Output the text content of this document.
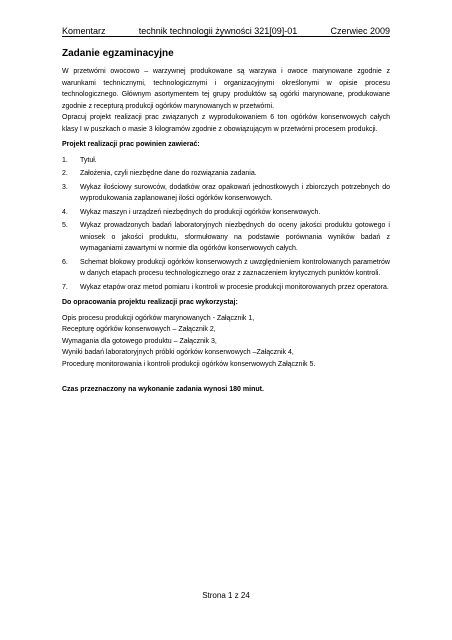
Komentarz	technik technologii żywności 321[09]-01	Czerwiec 2009
Zadanie egzaminacyjne

W przetwórni owocowo – warzywnej produkowane są warzywa i owoce marynowane zgodnie z warunkami technicznymi, technologicznymi i organizacyjnymi określonymi w opisie procesu technologicznego. Głównym asortymentem tej grupy produktów są ogórki marynowane, produkowane zgodnie z recepturą produkcji ogórków marynowanych w przetwórni.

Opracuj projekt realizacji prac związanych z wyprodukowaniem 6 ton ogórków konserwowych całych klasy I w puszkach o masie 3 kilogramów zgodnie z obowiązującym w przetwórni procesem produkcji.

Projekt realizacji prac powinien zawierać:
1.	Tytuł.
2.	Założenia, czyli niezbędne dane do rozwiązania zadania.
3.	Wykaz ilościowy surowców, dodatków oraz opakowań jednostkowych i zbiorczych potrzebnych do wyprodukowania zaplanowanej ilości ogórków konserwowych.
4.	Wykaz maszyn i urządzeń niezbędnych do produkcji ogórków konserwowych.
5.	Wykaz prowadzonych badań laboratoryjnych niezbędnych do oceny jakości produktu gotowego i wniosek o jakości produktu, sformułowany na podstawie porównania wyników badań z wymaganiami zawartymi w normie dla ogórków konserwowych całych.
6.	Schemat blokowy produkcji ogórków konserwowych z uwzględnieniem kontrolowanych parametrów w danych etapach procesu technologicznego oraz z zaznaczeniem krytycznych punktów kontroli.
7.	Wykaz etapów oraz metod pomiaru i kontroli w procesie produkcji monitorowanych przez operatora.
Do opracowania projektu realizacji prac wykorzystaj:
Opis procesu produkcji ogórków marynowanych - Załącznik 1,
Recepturę ogórków konserwowych – Załącznik 2,
Wymagania dla gotowego produktu – Załącznik 3,
Wyniki badań laboratoryjnych próbki ogórków konserwowych –Załącznik 4,
Procedurę monitorowania i kontroli produkcji ogórków konserwowych Załącznik 5.
Czas przeznaczony na wykonanie zadania wynosi 180 minut.
Strona 1 z 24
